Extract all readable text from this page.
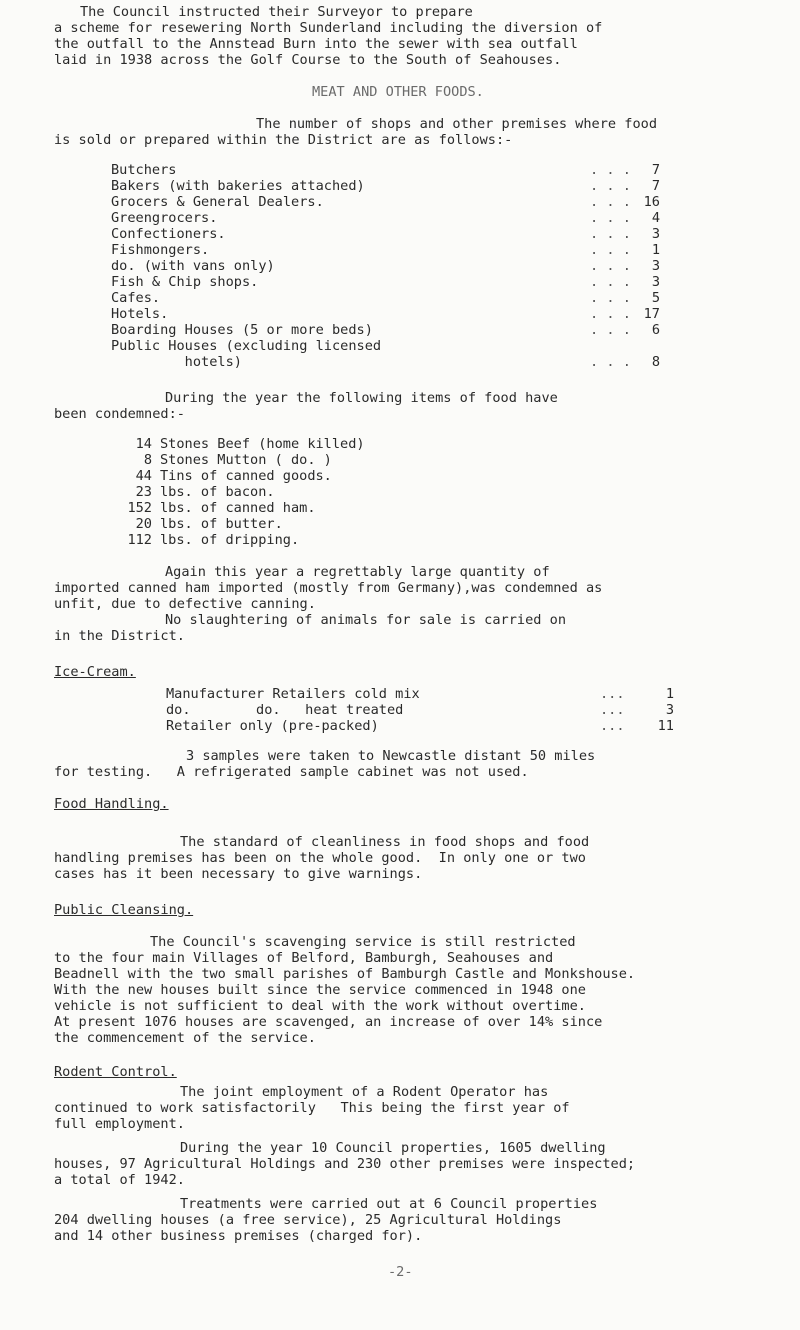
The Council instructed their Surveyor to prepare
a scheme for resewering North Sunderland including the diversion of
the outfall to the Annstead Burn into the sewer with sea outfall
laid in 1938 across the Golf Course to the South of Seahouses.
MEAT AND OTHER FOODS.
The number of shops and other premises where food
is sold or prepared within the District are as follows:-
Butchers	. . .	7
Bakers (with bakeries attached)	. . .	7
Grocers & General Dealers.	. . . 16
Greengrocers.	. . .	4
Confectioners.	. . .	3
Fishmongers.	. . .	1
do. (with vans only)	. . .	3
Fish & Chip shops.	. . .	3
Cafes.	. . .	5
Hotels.	. . . 17
Boarding Houses (5 or more beds)	. . .	6
Public Houses (excluding licensed
hotels)	. . .	8
During the year the following items of food have
been condemned:-
14 Stones Beef (home killed)
8 Stones Mutton ( do. )
44 Tins of canned goods.
23 lbs. of bacon.
152 lbs. of canned ham.
20 lbs. of butter.
112 lbs. of dripping.
Again this year a regrettably large quantity of
imported canned ham imported (mostly from Germany),was condemned as
unfit, due to defective canning.
No slaughtering of animals for sale is carried on
in the District.
Ice-Cream.
Manufacturer Retailers cold mix	...	1
do.        do.   heat treated	...	3
Retailer only (pre-packed)	...	11
3 samples were taken to Newcastle distant 50 miles
for testing.   A refrigerated sample cabinet was not used.
Food Handling.
The standard of cleanliness in food shops and food
handling premises has been on the whole good.  In only one or two
cases has it been necessary to give warnings.
Public Cleansing.
The Council's scavenging service is still restricted
to the four main Villages of Belford, Bamburgh, Seahouses and
Beadnell with the two small parishes of Bamburgh Castle and Monkshouse.
With the new houses built since the service commenced in 1948 one
vehicle is not sufficient to deal with the work without overtime.
At present 1076 houses are scavenged, an increase of over 14% since
the commencement of the service.
Rodent Control.
The joint employment of a Rodent Operator has
continued to work satisfactorily   This being the first year of
full employment.
During the year 10 Council properties, 1605 dwelling
houses, 97 Agricultural Holdings and 230 other premises were inspected;
a total of 1942.
Treatments were carried out at 6 Council properties
204 dwelling houses (a free service), 25 Agricultural Holdings
and 14 other business premises (charged for).
-2-
